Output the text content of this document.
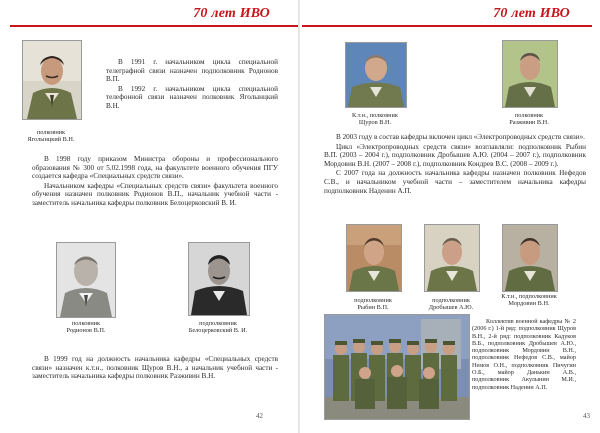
70 лет ИВО
полковник
Яголынцкий В.Н.
В 1991 г. начальником цикла специальной телеграфной связи назначен подполковник Родионов В.П.
В 1992 г. начальником цикла специальной телефонной связи назначен полковник Яголынцкий В.Н.
В 1998 году приказом Министра обороны и профессионального образования № 300 от 5.02.1998 года, на факультете военного обучения ПГУ создается кафедра «Специальных средств связи».
Начальником кафедры «Специальных средств связи» факультета военного обучения назначен полковник Родионов В.П., начальник учебной части - заместитель начальника кафедры полковник Белоцерковский В. И.
полковник
Родионов В.П.
подполковник
Белоцерковский В. И.
В 1999 год на должность начальника кафедры «Специальных средств связи» назначен к.т.н., полковник Щуров В.Н., а начальник учебной части - заместитель начальника кафедры полковник Разживин В.Н.
42
70 лет ИВО
К.т.н., полковник
Щуров В.Н.
полковник
Разживин В.Н.
В 2003 году в состав кафедры включен цикл «Электропроводных средств связи».
Цикл «Электропроводных средств связи» возглавляли: подполковник Рыбин В.П. (2003 – 2004 г.), подполковник Дробышев А.Ю. (2004 – 2007 г.), подполковник Мордовин В.Н. (2007 – 2008 г.), подполковник Кондрев В.С. (2008 – 2009 г.).
С 2007 года на должность начальника кафедры назначен полковник Нефедов С.В., и начальником учебной части – заместителем начальника кафедры подполковник Наденин А.П.
подполковник
Рыбин В.П.
подполковник
Дробышев А.Ю.
К.т.н., подполковник
Мордовин В.Н.
Коллектив военной кафедры № 2 (2006 г.) 1-й ряд: подполковник Щуров В.Н., 2-й ряд: подполковник Кадуков В.Б., подполковник Дробышев А.Ю., подполковник Мордовин В.Н., подполковник Нефедов С.В., майор Немов О.Н., подполковник Пичугин О.Б., майор Данькин А.В., подполковник Акулынин М.И., подполковник Наденин А.П.
43
